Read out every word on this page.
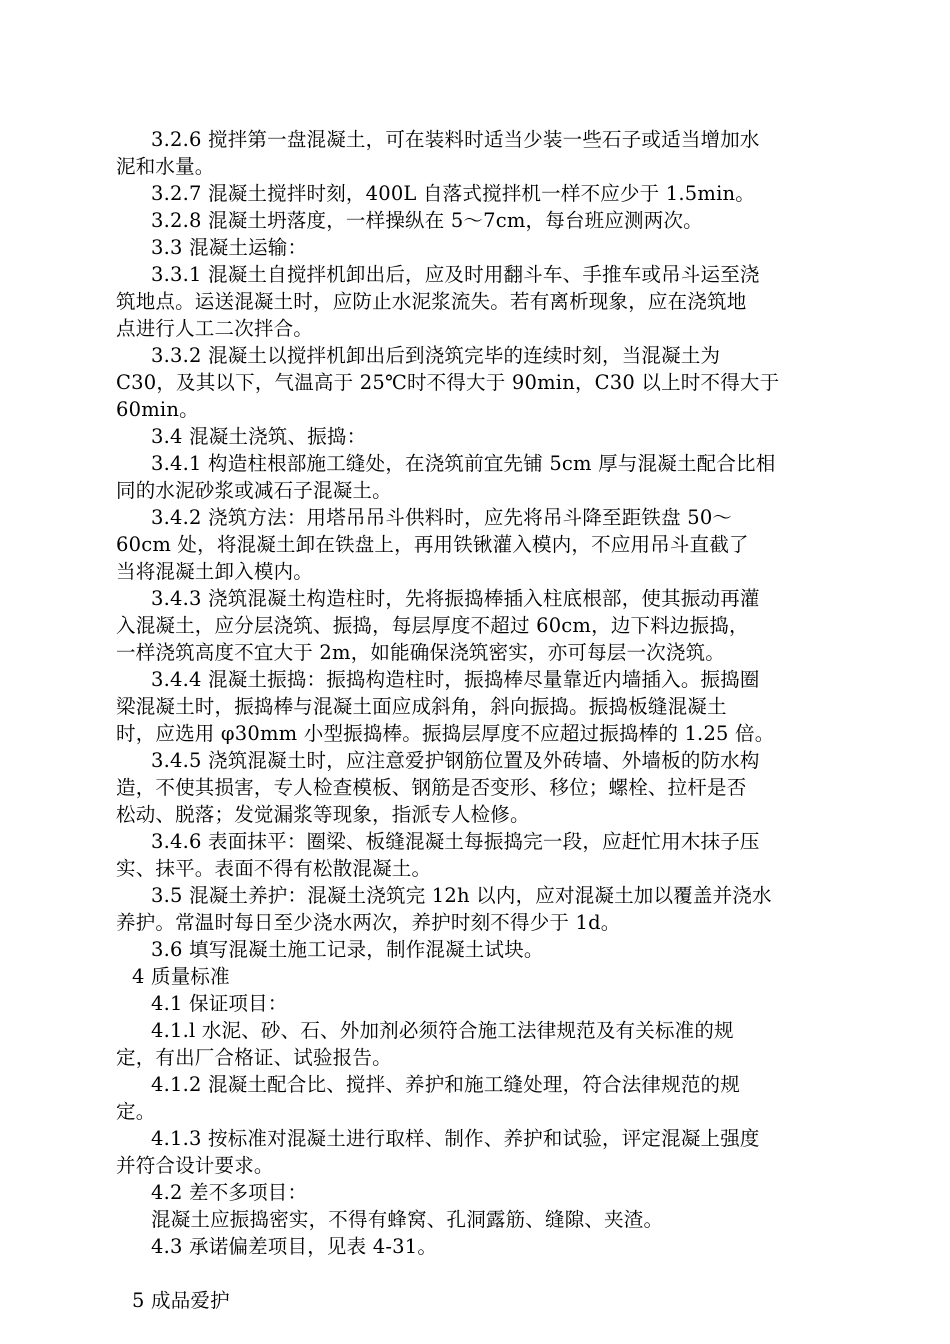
3.2.6 搅拌第一盘混凝土，可在装料时适当少装一些石子或适当增加水

泥和水量。

3.2.7 混凝土搅拌时刻，400L 自落式搅拌机一样不应少于 1.5min。

3.2.8 混凝土坍落度，一样操纵在 5～7cm，每台班应测两次。

3.3 混凝土运输：

3.3.1 混凝土自搅拌机卸出后，应及时用翻斗车、手推车或吊斗运至浇

筑地点。运送混凝土时，应防止水泥浆流失。若有离析现象，应在浇筑地

点进行人工二次拌合。

3.3.2 混凝土以搅拌机卸出后到浇筑完毕的连续时刻，当混凝土为

C30，及其以下，气温高于 25℃时不得大于 90min，C30 以上时不得大于

60min。

3.4 混凝土浇筑、振捣：

3.4.1 构造柱根部施工缝处，在浇筑前宜先铺 5cm 厚与混凝土配合比相

同的水泥砂浆或减石子混凝土。

3.4.2 浇筑方法：用塔吊吊斗供料时，应先将吊斗降至距铁盘 50～

60cm 处，将混凝土卸在铁盘上，再用铁锹灌入模内，不应用吊斗直截了

当将混凝土卸入模内。

3.4.3 浇筑混凝土构造柱时，先将振捣棒插入柱底根部，使其振动再灌

入混凝土，应分层浇筑、振捣，每层厚度不超过 60cm，边下料边振捣，

一样浇筑高度不宜大于 2m，如能确保浇筑密实，亦可每层一次浇筑。

3.4.4 混凝土振捣：振捣构造柱时，振捣棒尽量靠近内墙插入。振捣圈

梁混凝土时，振捣棒与混凝土面应成斜角，斜向振捣。振捣板缝混凝土

时，应选用 φ30mm 小型振捣棒。振捣层厚度不应超过振捣棒的 1.25 倍。

3.4.5 浇筑混凝土时，应注意爱护钢筋位置及外砖墙、外墙板的防水构

造，不使其损害，专人检查模板、钢筋是否变形、移位；螺栓、拉杆是否

松动、脱落；发觉漏浆等现象，指派专人检修。

3.4.6 表面抹平：圈梁、板缝混凝土每振捣完一段，应赶忙用木抹子压

实、抹平。表面不得有松散混凝土。

3.5 混凝土养护：混凝土浇筑完 12h 以内，应对混凝土加以覆盖并浇水

养护。常温时每日至少浇水两次，养护时刻不得少于 1d。

3.6 填写混凝土施工记录，制作混凝土试块。

4 质量标准

4.1 保证项目：

4.1.l 水泥、砂、石、外加剂必须符合施工法律规范及有关标准的规

定，有出厂合格证、试验报告。

4.1.2 混凝土配合比、搅拌、养护和施工缝处理，符合法律规范的规

定。

4.1.3 按标准对混凝土进行取样、制作、养护和试验，评定混凝上强度

并符合设计要求。

4.2 差不多项目：

混凝土应振捣密实，不得有蜂窝、孔洞露筋、缝隙、夹渣。

4.3 承诺偏差项目，见表 4-31。

5 成品爱护
